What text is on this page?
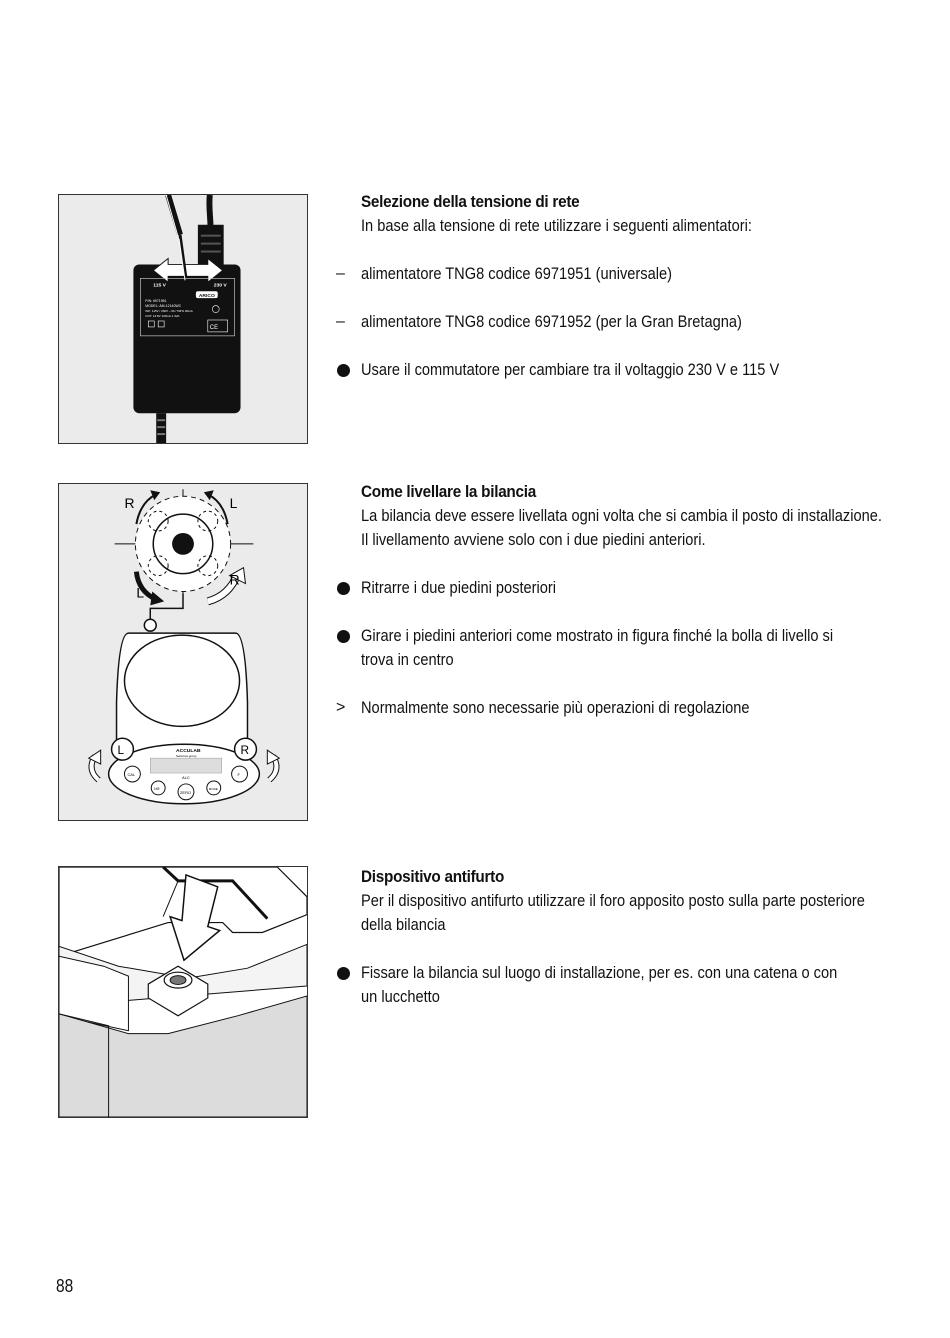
115 V	230 V
ARICO
P/N: 6971951
MODEL: AM-12140WC
INP: 115V / 230V ~ 60 / 50Hz 90mA
OUT: 13.8V 100mA 1.4VA
CE
R	L
L
R
ACCULAB
Sartorius group
CAL
I/Ø
ZERO
MODE
F
ALC
L	R
Selezione della tensione di rete
In base alla tensione di rete utilizzare i seguenti alimentatori:
– alimentatore TNG8 codice 6971951 (universale)
– alimentatore TNG8 codice 6971952 (per la Gran Bretagna)
Usare il commutatore per cambiare tra il voltaggio 230 V e 115 V
Come livellare la bilancia
La bilancia deve essere livellata ogni volta che si cambia il posto di installazione.
Il livellamento avviene solo con i due piedini anteriori.
Ritrarre i due piedini posteriori
Girare i piedini anteriori come mostrato in figura finché la bolla di livello si
trova in centro
> Normalmente sono necessarie più operazioni di regolazione
Dispositivo antifurto
Per il dispositivo antifurto utilizzare il foro apposito posto sulla parte posteriore
della bilancia
Fissare la bilancia sul luogo di installazione, per es. con una catena o con
un lucchetto
88
